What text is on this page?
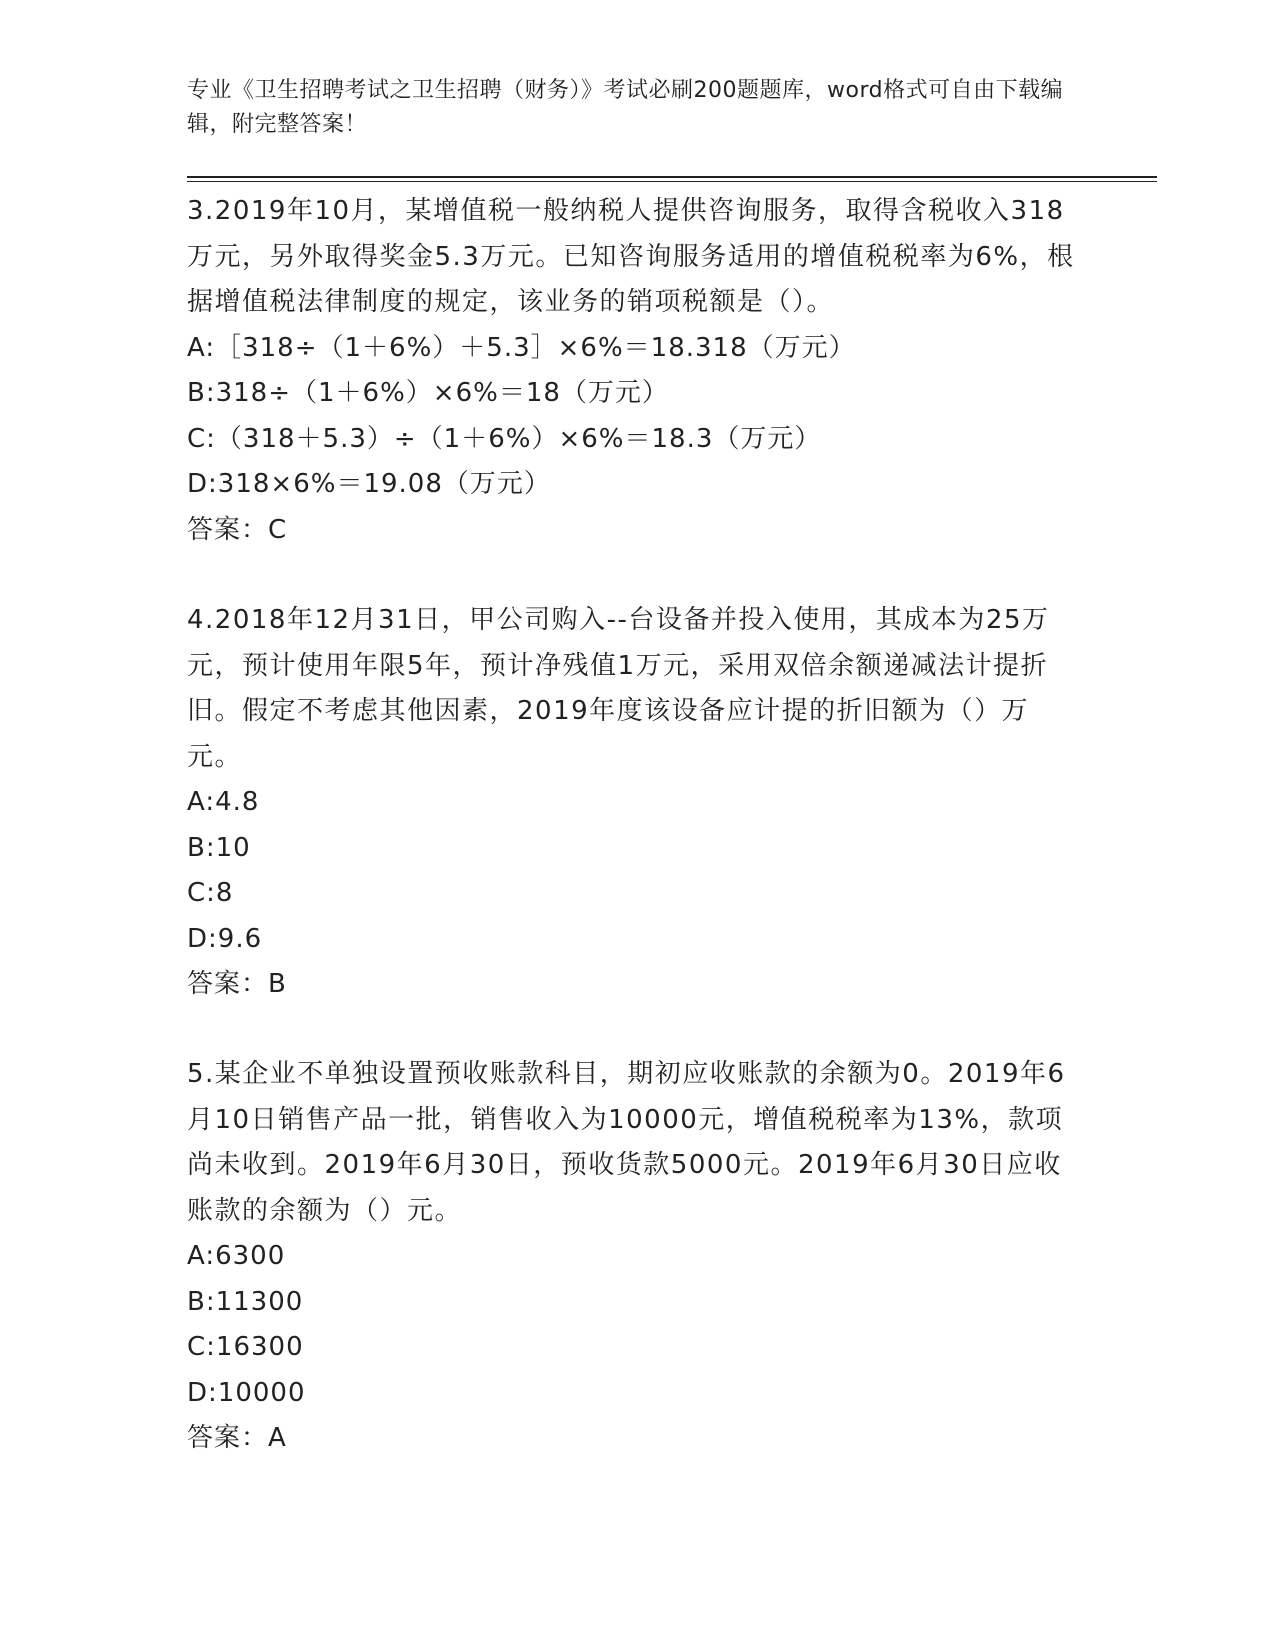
专业《卫生招聘考试之卫生招聘（财务）》考试必刷200题题库，word格式可自由下载编辑，附完整答案！
3.2019年10月，某增值税一般纳税人提供咨询服务，取得含税收入318万元，另外取得奖金5.3万元。已知咨询服务适用的增值税税率为6%，根据增值税法律制度的规定，该业务的销项税额是（）。
A:［318÷（1＋6%）＋5.3］×6%＝18.318（万元）
B:318÷（1＋6%）×6%＝18（万元）
C:（318＋5.3）÷（1＋6%）×6%＝18.3（万元）
D:318×6%＝19.08（万元）
答案：C
4.2018年12月31日，甲公司购入--台设备并投入使用，其成本为25万元，预计使用年限5年，预计净残值1万元，采用双倍余额递减法计提折旧。假定不考虑其他因素，2019年度该设备应计提的折旧额为（）万元。
A:4.8
B:10
C:8
D:9.6
答案：B
5.某企业不单独设置预收账款科目，期初应收账款的余额为0。2019年6月10日销售产品一批，销售收入为10000元，增值税税率为13%，款项尚未收到。2019年6月30日，预收货款5000元。2019年6月30日应收账款的余额为（）元。
A:6300
B:11300
C:16300
D:10000
答案：A
